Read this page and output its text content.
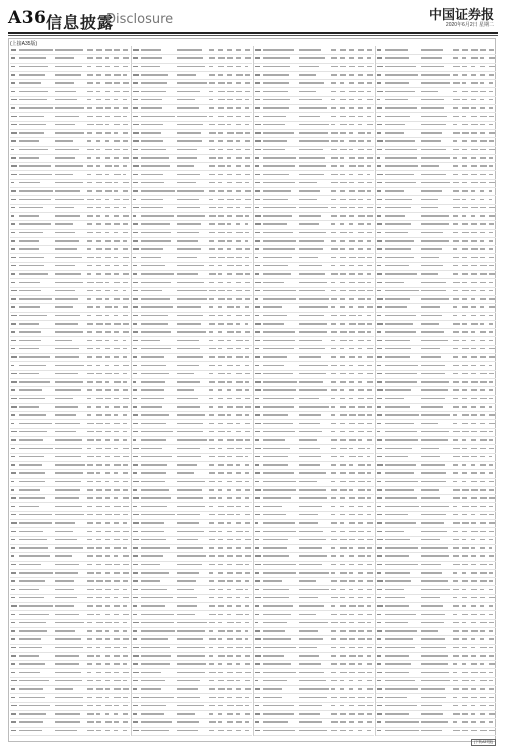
A36 信息披露
Disclosure	中国证券报
2020年6月2日 星期二
(上接A35版)
(下转A37版)
